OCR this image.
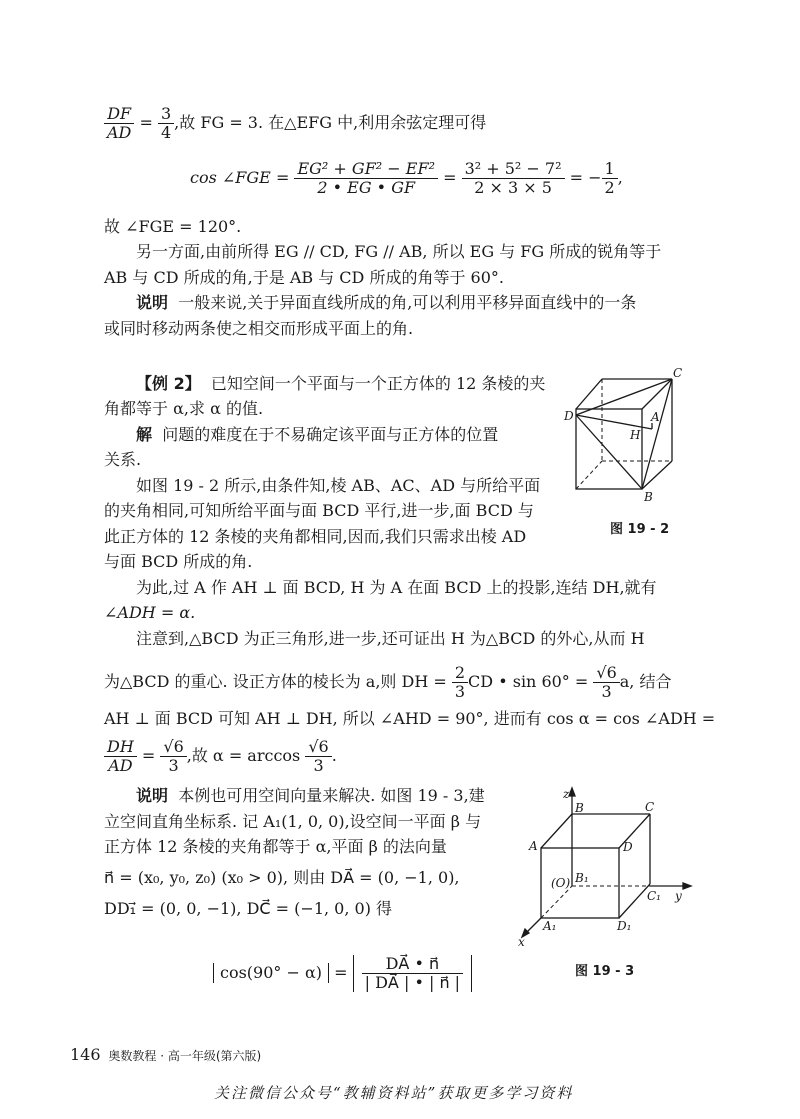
$\frac{DF}{AD} = \frac{3}{4}$ ,故 FG = 3. 在△EFG 中,利用余弦定理可得
cos ∠FGE = $\frac{\text{EG² + GF² − EF²}}{2 • EG • GF} = \frac{\text{3² + 5² − 7²}}{2 \times 3 \times 5}$ = − $\frac{1}{2}$ ,
故 ∠FGE = 120°.
另一方面,由前所得 EG // CD, FG // AB, 所以 EG 与 FG 所成的锐角等于
AB 与 CD 所成的角,于是 AB 与 CD 所成的角等于 60°.
说明 一般来说,关于异面直线所成的角,可以利用平移异面直线中的一条
或同时移动两条使之相交而形成平面上的角.
【例 2】 已知空间一个平面与一个正方体的 12 条棱的夹
角都等于 α,求 α 的值.
解 问题的难度在于不易确定该平面与正方体的位置
关系.
如图 19 - 2 所示,由条件知,棱 AB、AC、AD 与所给平面
的夹角相同,可知所给平面与面 BCD 平行,进一步,面 BCD 与
此正方体的 12 条棱的夹角都相同,因而,我们只需求出棱 AD
与面 BCD 所成的角.
C
D	A
H
B
图 19 - 2
为此,过 A 作 AH ⊥ 面 BCD, H 为 A 在面 BCD 上的投影,连结 DH,就有
∠ADH = α.
注意到,△BCD 为正三角形,进一步,还可证出 H 为△BCD 的外心,从而 H
为△BCD 的重心. 设正方体的棱长为 a,则 DH = $\frac{2}{3}$ CD • $\sin 60^\circ = \frac{√6}{3} a$, 结合
AH ⊥ 面 BCD 可知 AH ⊥ DH, 所以 ∠AHD = 90°, 进而有 cos α = cos ∠ADH =
$\frac{DH}{AD} = \frac{√6}{3}$ ,故 $\alpha = \arccos \frac{√6}{3}$ .
说明 本例也可用空间向量来解决. 如图 19 - 3,建
立空间直角坐标系. 记 A₁(1, 0, 0),设空间一平面 β 与
正方体 12 条棱的夹角都等于 α,平面 β 的法向量
n⃗ = (x₀, y₀, z₀) (x₀ > 0), 则由 DA⃗ = (0, −1, 0),
DD₁⃗ = (0, 0, −1), DC⃗ = (−1, 0, 0) 得
$\cos(90^\circ - \alpha) = \frac{DA⃗ • n⃗}{| DA⃗ | • | n⃗ |}$
z
B	C
A	D
(O) B₁
C₁ y
A₁	D₁
x
图 19 - 3
146 奥数教程 · 高一年级(第六版)
关注微信公众号“教辅资料站”获取更多学习资料
